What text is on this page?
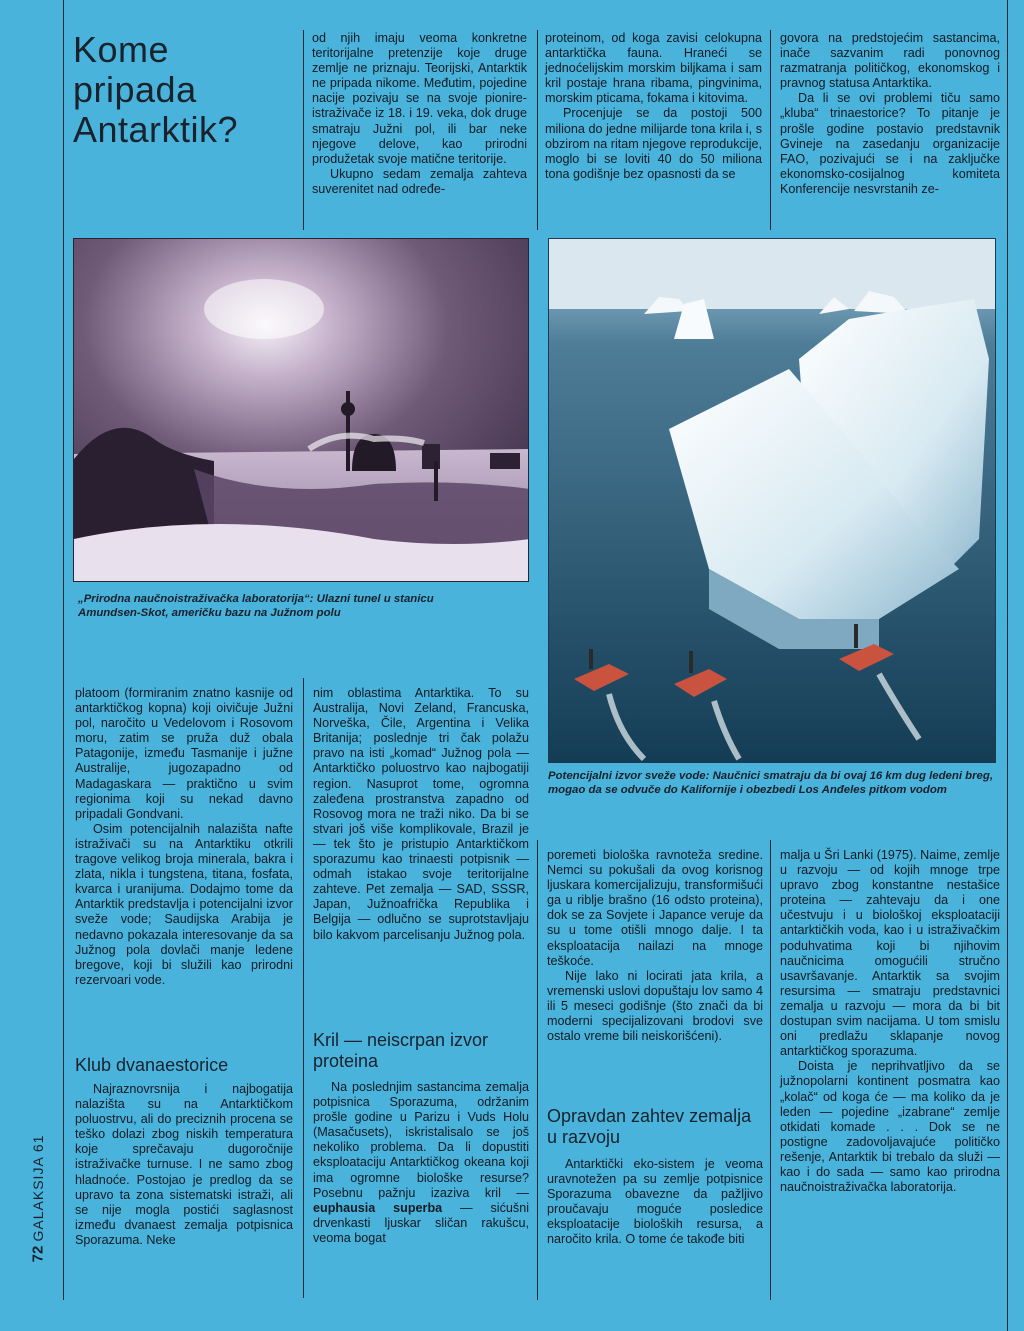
Kome
pripada
Antarktik?

od njih imaju veoma konkretne teritorijalne pretenzije koje druge zemlje ne priznaju. Teorijski, Antarktik ne pripada nikome. Međutim, pojedine nacije pozivaju se na svoje pionire-istraživače iz 18. i 19. veka, dok druge smatraju Južni pol, ili bar neke njegove delove, kao prirodni produžetak svoje matične teritorije.

Ukupno sedam zemalja zahteva suverenitet nad određe-

proteinom, od koga zavisi celokupna antarktička fauna. Hraneći se jednoćelijskim morskim biljkama i sam kril postaje hrana ribama, pingvinima, morskim pticama, fokama i kitovima.

Procenjuje se da postoji 500 miliona do jedne milijarde tona krila i, s obzirom na ritam njegove reprodukcije, moglo bi se loviti 40 do 50 miliona tona godišnje bez opasnosti da se

govora na predstojećim sastancima, inače sazvanim radi ponovnog razmatranja političkog, ekonomskog i pravnog statusa Antarktika.

Da li se ovi problemi tiču samo „kluba“ trinaestorice? To pitanje je prošle godine postavio predstavnik Gvineje na zasedanju organizacije FAO, pozivajući se i na zaključke ekonomsko-cosijalnog komiteta Konferencije nesvrstanih ze-

„Prirodna naučnoistraživačka laboratorija“: Ulazni tunel u stanicu Amundsen-Skot, američku bazu na Južnom polu
Potencijalni izvor sveže vode: Naučnici smatraju da bi ovaj 16 km dug ledeni breg, mogao da se odvuče do Kalifornije i obezbedi Los Anđeles pitkom vodom

platoom (formiranim znatno kasnije od antarktičkog kopna) koji oivičuje Južni pol, naročito u Vedelovom i Rosovom moru, zatim se pruža duž obala Patagonije, između Tasmanije i južne Australije, jugozapadno od Madagaskara — praktično u svim regionima koji su nekad davno pripadali Gondvani.

Osim potencijalnih nalazišta nafte istraživači su na Antarktiku otkrili tragove velikog broja minerala, bakra i zlata, nikla i tungstena, titana, fosfata, kvarca i uranijuma. Dodajmo tome da Antarktik predstavlja i potencijalni izvor sveže vode; Saudijska Arabija je nedavno pokazala interesovanje da sa Južnog pola dovlači manje ledene bregove, koji bi služili kao prirodni rezervoari vode.

Klub dvanaestorice

Najraznovrsnija i najbogatija nalazišta su na Antarktičkom poluostrvu, ali do preciznih procena se teško dolazi zbog niskih temperatura koje sprečavaju dugoročnije istraživačke turnuse. I ne samo zbog hladnoće. Postojao je predlog da se upravo ta zona sistematski istraži, ali se nije mogla postići saglasnost između dvanaest zemalja potpisnica Sporazuma. Neke

nim oblastima Antarktika. To su Australija, Novi Zeland, Francuska, Norveška, Čile, Argentina i Velika Britanija; poslednje tri čak polažu pravo na isti „komad“ Južnog pola — Antarktičko poluostrvo kao najbogatiji region. Nasuprot tome, ogromna zaleđena prostranstva zapadno od Rosovog mora ne traži niko. Da bi se stvari još više komplikovale, Brazil je — tek što je pristupio Antarktičkom sporazumu kao trinaesti potpisnik — odmah istakao svoje teritorijalne zahteve. Pet zemalja — SAD, SSSR, Japan, Južnoafrička Republika i Belgija — odlučno se suprotstavljaju bilo kakvom parcelisanju Južnog pola.

Kril — neiscrpan izvor proteina

Na poslednjim sastancima zemalja potpisnica Sporazuma, održanim prošle godine u Parizu i Vuds Holu (Masačusets), iskristalisalo se još nekoliko problema. Da li dopustiti eksploataciju Antarktičkog okeana koji ima ogromne biološke resurse? Posebnu pažnju izaziva kril — euphausia superba — sićušni drvenkasti ljuskar sličan rakušcu, veoma bogat

poremeti biološka ravnoteža sredine. Nemci su pokušali da ovog korisnog ljuskara komercijalizuju, transformišući ga u riblje brašno (16 odsto proteina), dok se za Sovjete i Japance veruje da su u tome otišli mnogo dalje. I ta eksploatacija nailazi na mnoge teškoće.

Nije lako ni locirati jata krila, a vremenski uslovi dopuštaju lov samo 4 ili 5 meseci godišnje (što znači da bi moderni specijalizovani brodovi sve ostalo vreme bili neiskorišćeni).

Opravdan zahtev zemalja u razvoju

Antarktički eko-sistem je veoma uravnotežen pa su zemlje potpisnice Sporazuma obavezne da pažljivo proučavaju moguće posledice eksploatacije bioloških resursa, a naročito krila. O tome će takođe biti

malja u Šri Lanki (1975). Naime, zemlje u razvoju — od kojih mnoge trpe upravo zbog konstantne nestašice proteina — zahtevaju da i one učestvuju i u biološkoj eksploataciji antarktičkih voda, kao i u istraživačkim poduhvatima koji bi njihovim naučnicima omogućili stručno usavršavanje. Antarktik sa svojim resursima — smatraju predstavnici zemalja u razvoju — mora da bi bit dostupan svim nacijama. U tom smislu oni predlažu sklapanje novog antarktičkog sporazuma.

Doista je neprihvatljivo da se južnopolarni kontinent posmatra kao „kolač“ od koga će — ma koliko da je leden — pojedine „izabrane“ zemlje otkidati komade . . . Dok se ne postigne zadovoljavajuće političko rešenje, Antarktik bi trebalo da služi — kao i do sada — samo kao prirodna naučnoistraživačka laboratorija.

GALAKSIJA 61
72
